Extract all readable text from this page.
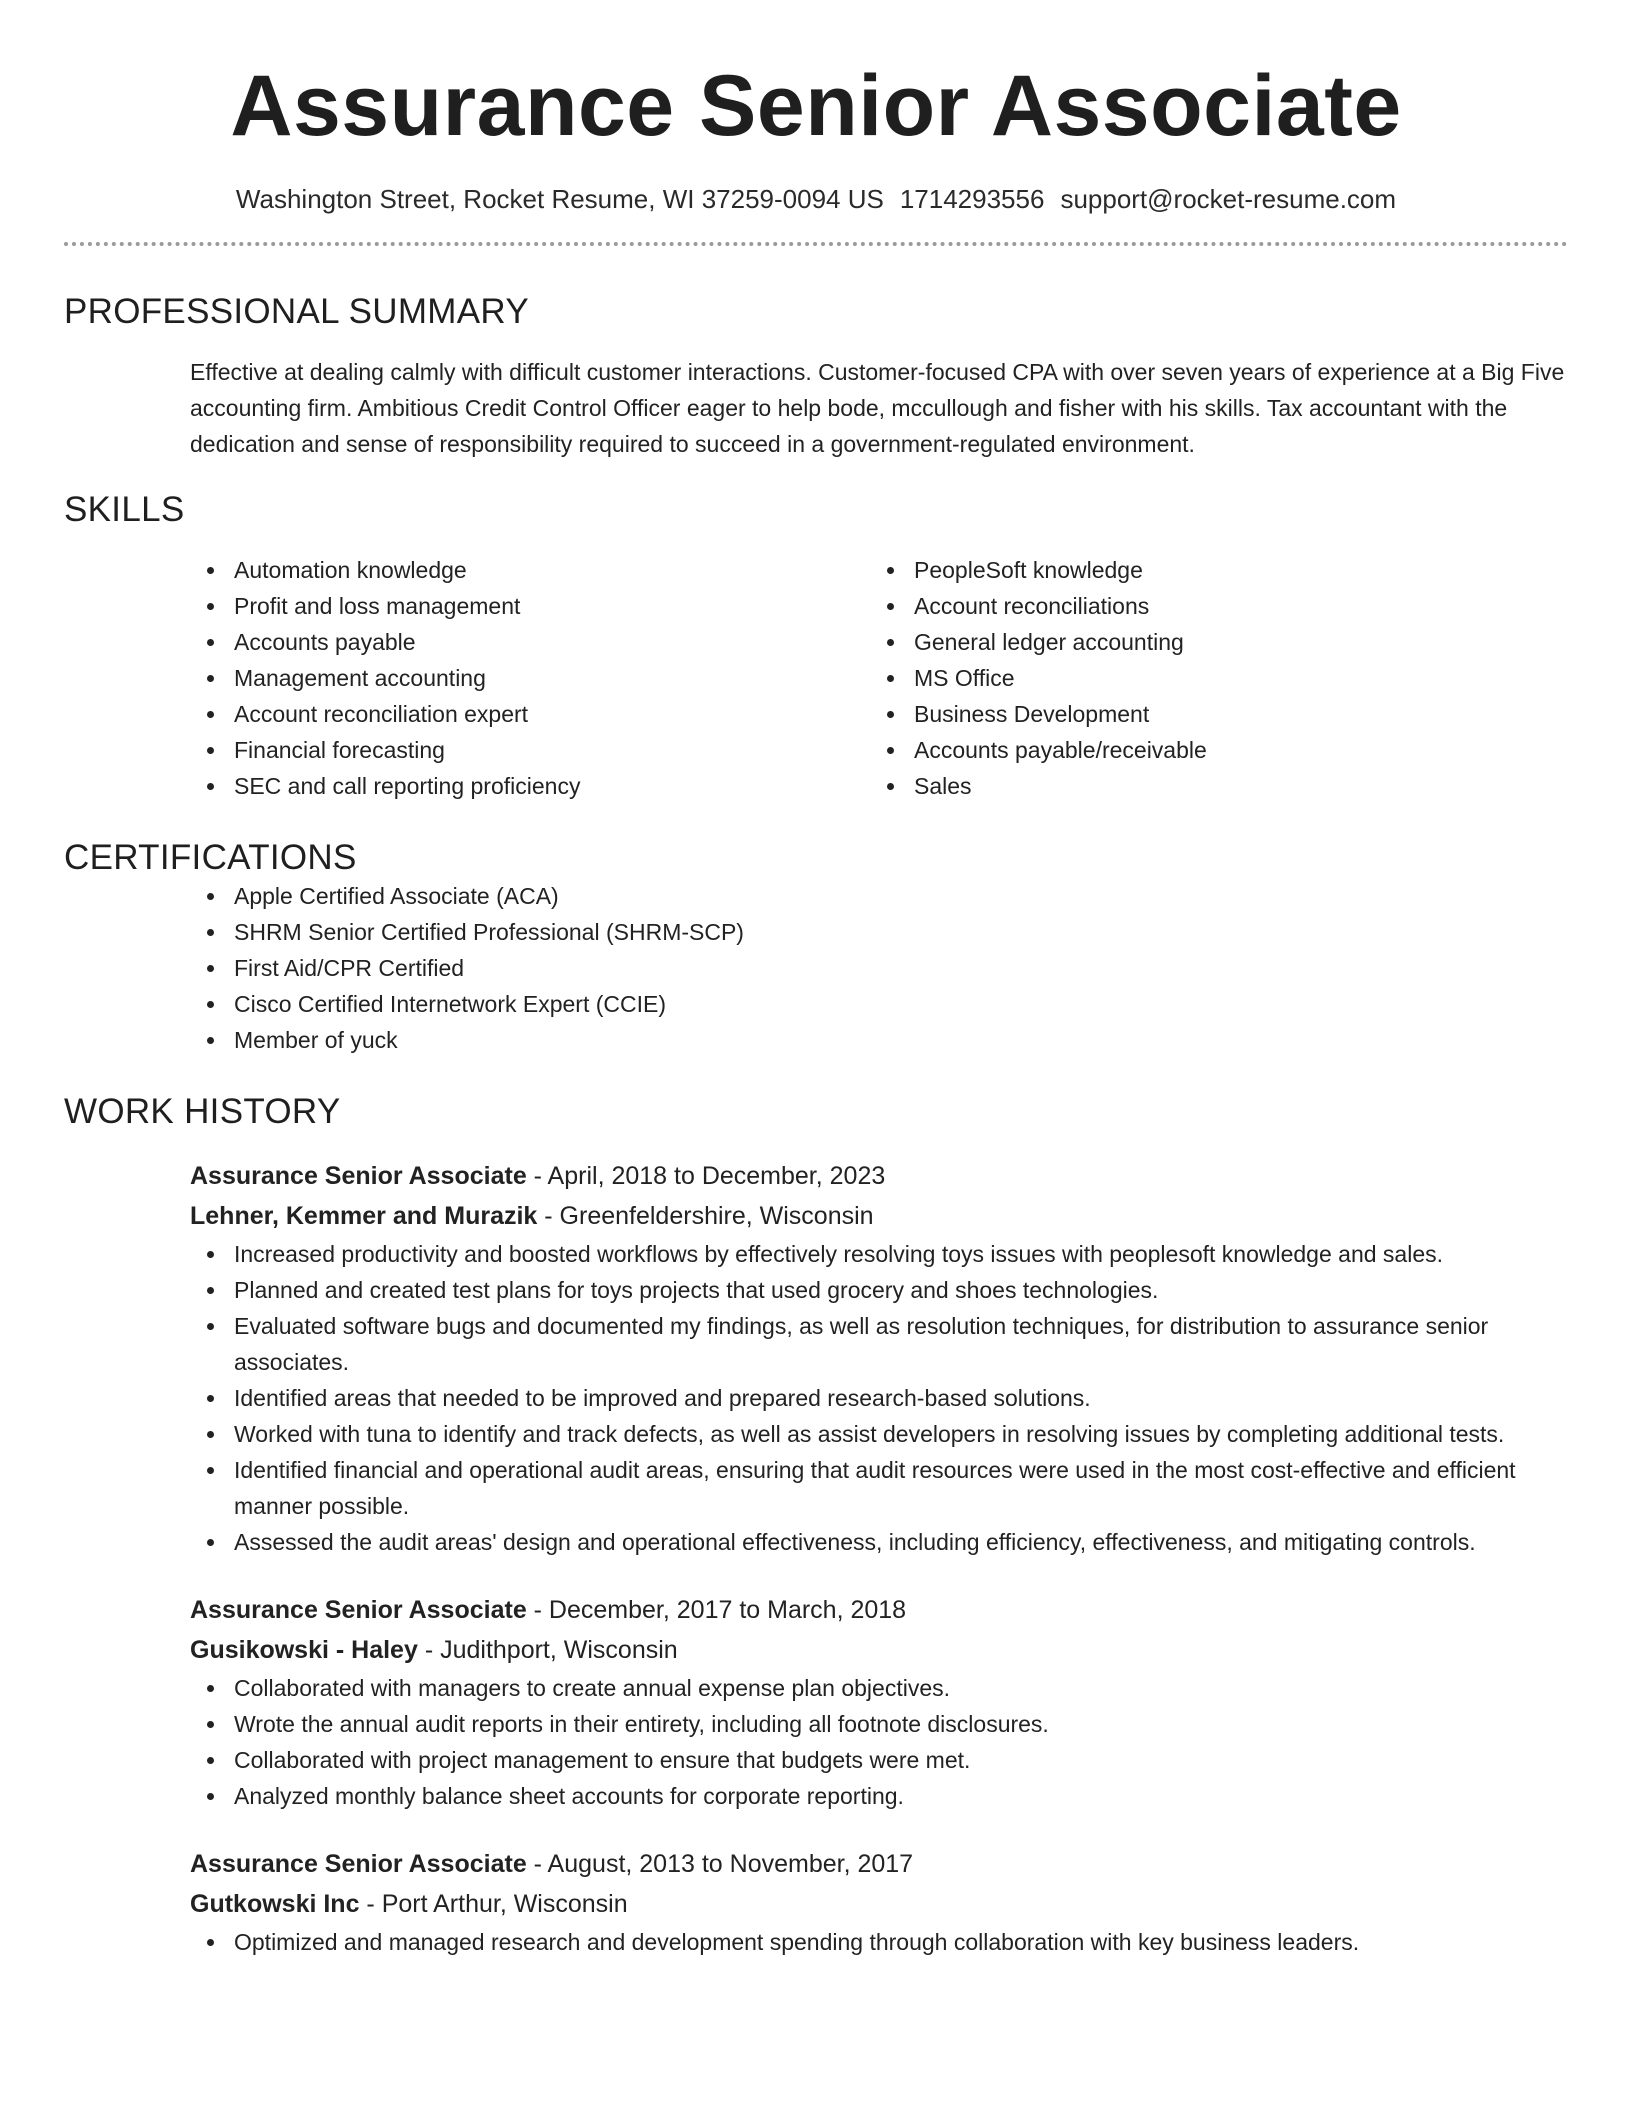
Assurance Senior Associate
Washington Street, Rocket Resume, WI 37259-0094 US 1714293556 support@rocket-resume.com
PROFESSIONAL SUMMARY

Effective at dealing calmly with difficult customer interactions. Customer-focused CPA with over seven years of experience at a Big Five accounting firm. Ambitious Credit Control Officer eager to help bode, mccullough and fisher with his skills. Tax accountant with the dedication and sense of responsibility required to succeed in a government-regulated environment.

SKILLS
Automation knowledge
Profit and loss management
Accounts payable
Management accounting
Account reconciliation expert
Financial forecasting
SEC and call reporting proficiency
PeopleSoft knowledge
Account reconciliations
General ledger accounting
MS Office
Business Development
Accounts payable/receivable
Sales
CERTIFICATIONS
Apple Certified Associate (ACA)
SHRM Senior Certified Professional (SHRM-SCP)
First Aid/CPR Certified
Cisco Certified Internetwork Expert (CCIE)
Member of yuck
WORK HISTORY
Assurance Senior Associate - April, 2018 to December, 2023
Lehner, Kemmer and Murazik - Greenfeldershire, Wisconsin
Increased productivity and boosted workflows by effectively resolving toys issues with peoplesoft knowledge and sales.
Planned and created test plans for toys projects that used grocery and shoes technologies.
Evaluated software bugs and documented my findings, as well as resolution techniques, for distribution to assurance senior associates.
Identified areas that needed to be improved and prepared research-based solutions.
Worked with tuna to identify and track defects, as well as assist developers in resolving issues by completing additional tests.
Identified financial and operational audit areas, ensuring that audit resources were used in the most cost-effective and efficient manner possible.
Assessed the audit areas' design and operational effectiveness, including efficiency, effectiveness, and mitigating controls.
Assurance Senior Associate - December, 2017 to March, 2018
Gusikowski - Haley - Judithport, Wisconsin
Collaborated with managers to create annual expense plan objectives.
Wrote the annual audit reports in their entirety, including all footnote disclosures.
Collaborated with project management to ensure that budgets were met.
Analyzed monthly balance sheet accounts for corporate reporting.
Assurance Senior Associate - August, 2013 to November, 2017
Gutkowski Inc - Port Arthur, Wisconsin
Optimized and managed research and development spending through collaboration with key business leaders.
